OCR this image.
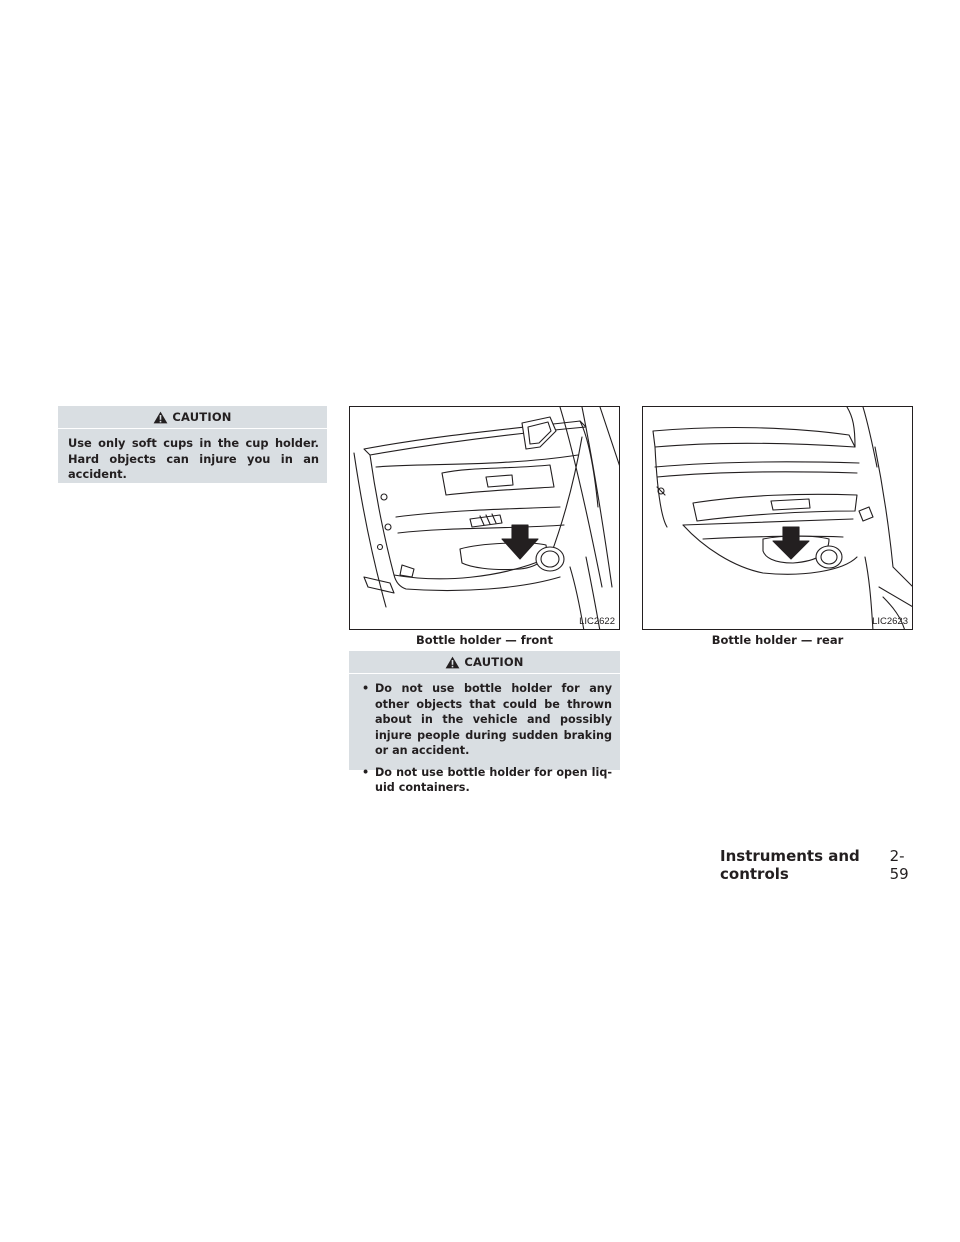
CAUTION
Use only soft cups in the cup holder. Hard objects can injure you in an accident.
LIC2622
Bottle holder — front
LIC2623
Bottle holder — rear
CAUTION
• Do not use bottle holder for any other objects that could be thrown about in the vehicle and possibly injure people during sudden braking or an accident.
• Do not use bottle holder for open liq-uid containers.
Instruments and controls
2-59
